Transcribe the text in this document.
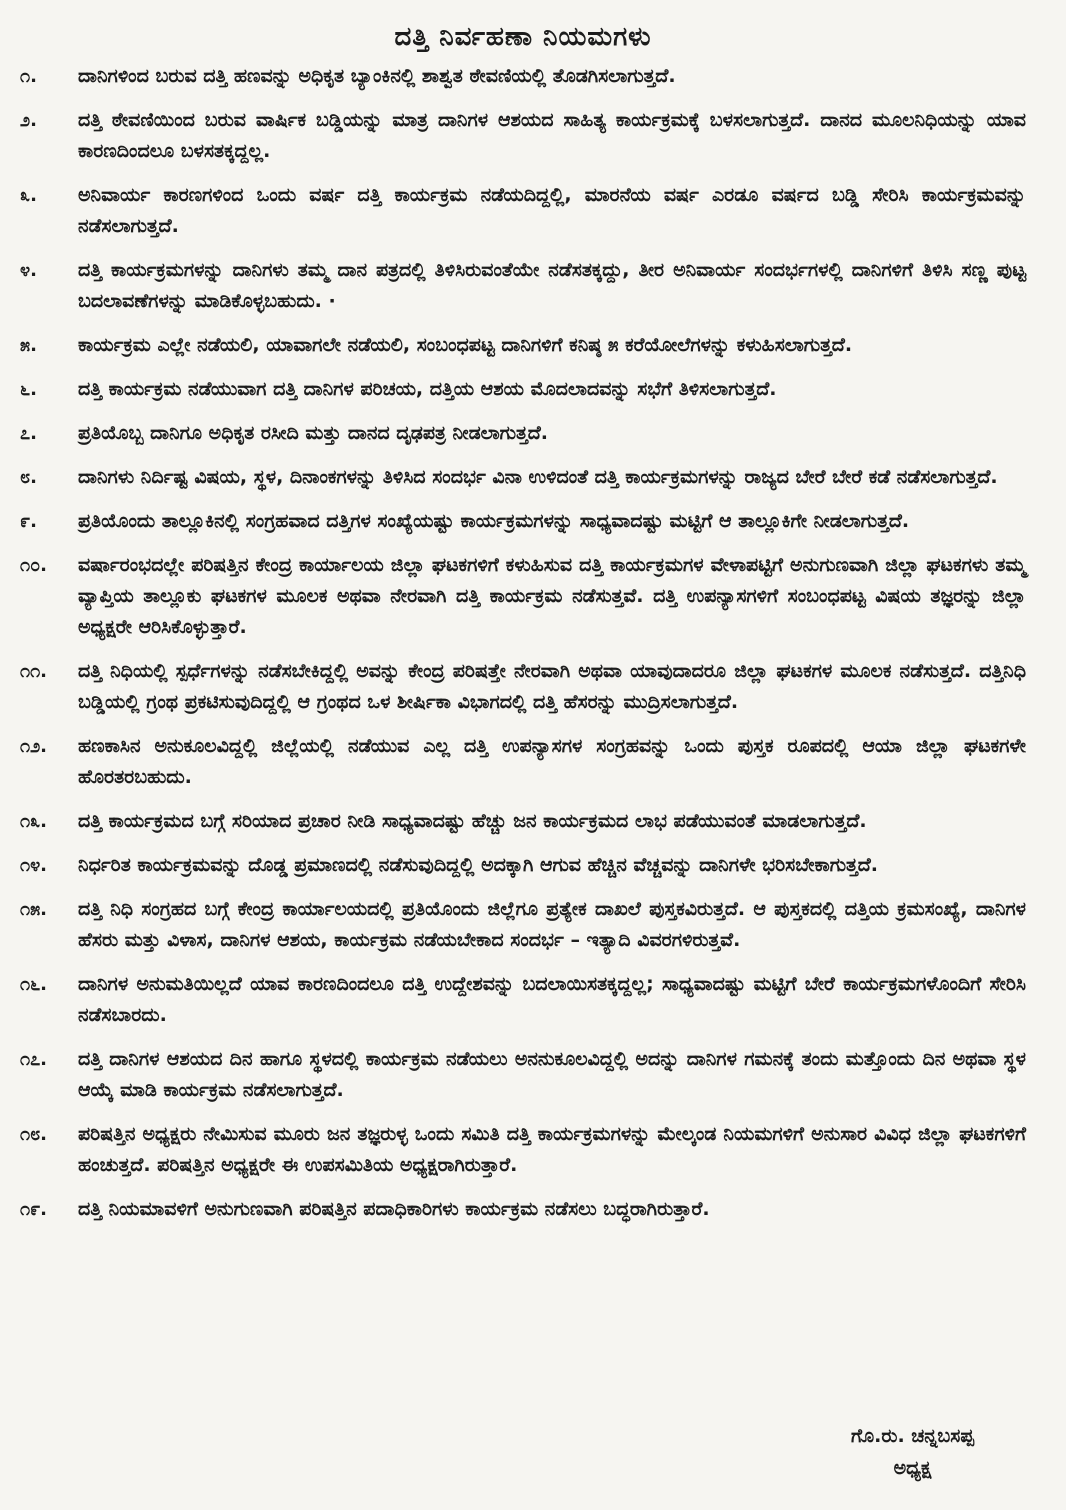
ದತ್ತಿ ನಿರ್ವಹಣಾ ನಿಯಮಗಳು
೧.	ದಾನಿಗಳಿಂದ ಬರುವ ದತ್ತಿ ಹಣವನ್ನು ಅಧಿಕೃತ ಬ್ಯಾಂಕಿನಲ್ಲಿ ಶಾಶ್ವತ ಠೇವಣಿಯಲ್ಲಿ ತೊಡಗಿಸಲಾಗುತ್ತದೆ.
೨.	ದತ್ತಿ ಠೇವಣಿಯಿಂದ ಬರುವ ವಾರ್ಷಿಕ ಬಡ್ಡಿಯನ್ನು ಮಾತ್ರ ದಾನಿಗಳ ಆಶಯದ ಸಾಹಿತ್ಯ ಕಾರ್ಯಕ್ರಮಕ್ಕೆ ಬಳಸಲಾಗುತ್ತದೆ. ದಾನದ ಮೂಲನಿಧಿಯನ್ನು ಯಾವ ಕಾರಣದಿಂದಲೂ ಬಳಸತಕ್ಕದ್ದಲ್ಲ.
೩.	ಅನಿವಾರ್ಯ ಕಾರಣಗಳಿಂದ ಒಂದು ವರ್ಷ ದತ್ತಿ ಕಾರ್ಯಕ್ರಮ ನಡೆಯದಿದ್ದಲ್ಲಿ, ಮಾರನೆಯ ವರ್ಷ ಎರಡೂ ವರ್ಷದ ಬಡ್ಡಿ ಸೇರಿಸಿ ಕಾರ್ಯಕ್ರಮವನ್ನು ನಡೆಸಲಾಗುತ್ತದೆ.
೪.	ದತ್ತಿ ಕಾರ್ಯಕ್ರಮಗಳನ್ನು ದಾನಿಗಳು ತಮ್ಮ ದಾನ ಪತ್ರದಲ್ಲಿ ತಿಳಿಸಿರುವಂತೆಯೇ ನಡೆಸತಕ್ಕದ್ದು, ತೀರ ಅನಿವಾರ್ಯ ಸಂದರ್ಭಗಳಲ್ಲಿ ದಾನಿಗಳಿಗೆ ತಿಳಿಸಿ ಸಣ್ಣ ಪುಟ್ಟ ಬದಲಾವಣೆಗಳನ್ನು ಮಾಡಿಕೊಳ್ಳಬಹುದು. ·
೫.	ಕಾರ್ಯಕ್ರಮ ಎಲ್ಲೇ ನಡೆಯಲಿ, ಯಾವಾಗಲೇ ನಡೆಯಲಿ, ಸಂಬಂಧಪಟ್ಟ ದಾನಿಗಳಿಗೆ ಕನಿಷ್ಠ ೫ ಕರೆಯೋಲೆಗಳನ್ನು ಕಳುಹಿಸಲಾಗುತ್ತದೆ.
೬.	ದತ್ತಿ ಕಾರ್ಯಕ್ರಮ ನಡೆಯುವಾಗ ದತ್ತಿ ದಾನಿಗಳ ಪರಿಚಯ, ದತ್ತಿಯ ಆಶಯ ಮೊದಲಾದವನ್ನು ಸಭೆಗೆ ತಿಳಿಸಲಾಗುತ್ತದೆ.
೭.	ಪ್ರತಿಯೊಬ್ಬ ದಾನಿಗೂ ಅಧಿಕೃತ ರಸೀದಿ ಮತ್ತು ದಾನದ ದೃಢಪತ್ರ ನೀಡಲಾಗುತ್ತದೆ.
೮.	ದಾನಿಗಳು ನಿರ್ದಿಷ್ಟ ವಿಷಯ, ಸ್ಥಳ, ದಿನಾಂಕಗಳನ್ನು ತಿಳಿಸಿದ ಸಂದರ್ಭ ವಿನಾ ಉಳಿದಂತೆ ದತ್ತಿ ಕಾರ್ಯಕ್ರಮಗಳನ್ನು ರಾಜ್ಯದ ಬೇರೆ ಬೇರೆ ಕಡೆ ನಡೆಸಲಾಗುತ್ತದೆ.
೯.	ಪ್ರತಿಯೊಂದು ತಾಲ್ಲೂಕಿನಲ್ಲಿ ಸಂಗ್ರಹವಾದ ದತ್ತಿಗಳ ಸಂಖ್ಯೆಯಷ್ಟು ಕಾರ್ಯಕ್ರಮಗಳನ್ನು ಸಾಧ್ಯವಾದಷ್ಟು ಮಟ್ಟಿಗೆ ಆ ತಾಲ್ಲೂಕಿಗೇ ನೀಡಲಾಗುತ್ತದೆ.
೧೦.	ವರ್ಷಾರಂಭದಲ್ಲೇ ಪರಿಷತ್ತಿನ ಕೇಂದ್ರ ಕಾರ್ಯಾಲಯ ಜಿಲ್ಲಾ ಘಟಕಗಳಿಗೆ ಕಳುಹಿಸುವ ದತ್ತಿ ಕಾರ್ಯಕ್ರಮಗಳ ವೇಳಾಪಟ್ಟಿಗೆ ಅನುಗುಣವಾಗಿ ಜಿಲ್ಲಾ ಘಟಕಗಳು ತಮ್ಮ ವ್ಯಾಪ್ತಿಯ ತಾಲ್ಲೂಕು ಘಟಕಗಳ ಮೂಲಕ ಅಥವಾ ನೇರವಾಗಿ ದತ್ತಿ ಕಾರ್ಯಕ್ರಮ ನಡೆಸುತ್ತವೆ. ದತ್ತಿ ಉಪನ್ಯಾಸಗಳಿಗೆ ಸಂಬಂಧಪಟ್ಟ ವಿಷಯ ತಜ್ಞರನ್ನು ಜಿಲ್ಲಾ ಅಧ್ಯಕ್ಷರೇ ಆರಿಸಿಕೊಳ್ಳುತ್ತಾರೆ.
೧೧.	ದತ್ತಿ ನಿಧಿಯಲ್ಲಿ ಸ್ಪರ್ಧೆಗಳನ್ನು ನಡೆಸಬೇಕಿದ್ದಲ್ಲಿ ಅವನ್ನು ಕೇಂದ್ರ ಪರಿಷತ್ತೇ ನೇರವಾಗಿ ಅಥವಾ ಯಾವುದಾದರೂ ಜಿಲ್ಲಾ ಘಟಕಗಳ ಮೂಲಕ ನಡೆಸುತ್ತದೆ. ದತ್ತಿನಿಧಿ ಬಡ್ಡಿಯಲ್ಲಿ ಗ್ರಂಥ ಪ್ರಕಟಿಸುವುದಿದ್ದಲ್ಲಿ ಆ ಗ್ರಂಥದ ಒಳ ಶೀರ್ಷಿಕಾ ವಿಭಾಗದಲ್ಲಿ ದತ್ತಿ ಹೆಸರನ್ನು ಮುದ್ರಿಸಲಾಗುತ್ತದೆ.
೧೨.	ಹಣಕಾಸಿನ ಅನುಕೂಲವಿದ್ದಲ್ಲಿ ಜಿಲ್ಲೆಯಲ್ಲಿ ನಡೆಯುವ ಎಲ್ಲ ದತ್ತಿ ಉಪನ್ಯಾಸಗಳ ಸಂಗ್ರಹವನ್ನು ಒಂದು ಪುಸ್ತಕ ರೂಪದಲ್ಲಿ ಆಯಾ ಜಿಲ್ಲಾ ಘಟಕಗಳೇ ಹೊರತರಬಹುದು.
೧೩.	ದತ್ತಿ ಕಾರ್ಯಕ್ರಮದ ಬಗ್ಗೆ ಸರಿಯಾದ ಪ್ರಚಾರ ನೀಡಿ ಸಾಧ್ಯವಾದಷ್ಟು ಹೆಚ್ಚು ಜನ ಕಾರ್ಯಕ್ರಮದ ಲಾಭ ಪಡೆಯುವಂತೆ ಮಾಡಲಾಗುತ್ತದೆ.
೧೪.	ನಿರ್ಧರಿತ ಕಾರ್ಯಕ್ರಮವನ್ನು ದೊಡ್ಡ ಪ್ರಮಾಣದಲ್ಲಿ ನಡೆಸುವುದಿದ್ದಲ್ಲಿ ಅದಕ್ಕಾಗಿ ಆಗುವ ಹೆಚ್ಚಿನ ವೆಚ್ಚವನ್ನು ದಾನಿಗಳೇ ಭರಿಸಬೇಕಾಗುತ್ತದೆ.
೧೫.	ದತ್ತಿ ನಿಧಿ ಸಂಗ್ರಹದ ಬಗ್ಗೆ ಕೇಂದ್ರ ಕಾರ್ಯಾಲಯದಲ್ಲಿ ಪ್ರತಿಯೊಂದು ಜಿಲ್ಲೆಗೂ ಪ್ರತ್ಯೇಕ ದಾಖಲೆ ಪುಸ್ತಕವಿರುತ್ತದೆ. ಆ ಪುಸ್ತಕದಲ್ಲಿ ದತ್ತಿಯ ಕ್ರಮಸಂಖ್ಯೆ, ದಾನಿಗಳ ಹೆಸರು ಮತ್ತು ವಿಳಾಸ, ದಾನಿಗಳ ಆಶಯ, ಕಾರ್ಯಕ್ರಮ ನಡೆಯಬೇಕಾದ ಸಂದರ್ಭ – ಇತ್ಯಾದಿ ವಿವರಗಳಿರುತ್ತವೆ.
೧೬.	ದಾನಿಗಳ ಅನುಮತಿಯಿಲ್ಲದೆ ಯಾವ ಕಾರಣದಿಂದಲೂ ದತ್ತಿ ಉದ್ದೇಶವನ್ನು ಬದಲಾಯಿಸತಕ್ಕದ್ದಲ್ಲ; ಸಾಧ್ಯವಾದಷ್ಟು ಮಟ್ಟಿಗೆ ಬೇರೆ ಕಾರ್ಯಕ್ರಮಗಳೊಂದಿಗೆ ಸೇರಿಸಿ ನಡೆಸಬಾರದು.
೧೭.	ದತ್ತಿ ದಾನಿಗಳ ಆಶಯದ ದಿನ ಹಾಗೂ ಸ್ಥಳದಲ್ಲಿ ಕಾರ್ಯಕ್ರಮ ನಡೆಯಲು ಅನನುಕೂಲವಿದ್ದಲ್ಲಿ ಅದನ್ನು ದಾನಿಗಳ ಗಮನಕ್ಕೆ ತಂದು ಮತ್ತೊಂದು ದಿನ ಅಥವಾ ಸ್ಥಳ ಆಯ್ಕೆ ಮಾಡಿ ಕಾರ್ಯಕ್ರಮ ನಡೆಸಲಾಗುತ್ತದೆ.
೧೮.	ಪರಿಷತ್ತಿನ ಅಧ್ಯಕ್ಷರು ನೇಮಿಸುವ ಮೂರು ಜನ ತಜ್ಞರುಳ್ಳ ಒಂದು ಸಮಿತಿ ದತ್ತಿ ಕಾರ್ಯಕ್ರಮಗಳನ್ನು ಮೇಲ್ಕಂಡ ನಿಯಮಗಳಿಗೆ ಅನುಸಾರ ವಿವಿಧ ಜಿಲ್ಲಾ ಘಟಕಗಳಿಗೆ ಹಂಚುತ್ತದೆ. ಪರಿಷತ್ತಿನ ಅಧ್ಯಕ್ಷರೇ ಈ ಉಪಸಮಿತಿಯ ಅಧ್ಯಕ್ಷರಾಗಿರುತ್ತಾರೆ.
೧೯.	ದತ್ತಿ ನಿಯಮಾವಳಿಗೆ ಅನುಗುಣವಾಗಿ ಪರಿಷತ್ತಿನ ಪದಾಧಿಕಾರಿಗಳು ಕಾರ್ಯಕ್ರಮ ನಡೆಸಲು ಬದ್ಧರಾಗಿರುತ್ತಾರೆ.
ಗೊ.ರು. ಚನ್ನಬಸಪ್ಪ
ಅಧ್ಯಕ್ಷ
